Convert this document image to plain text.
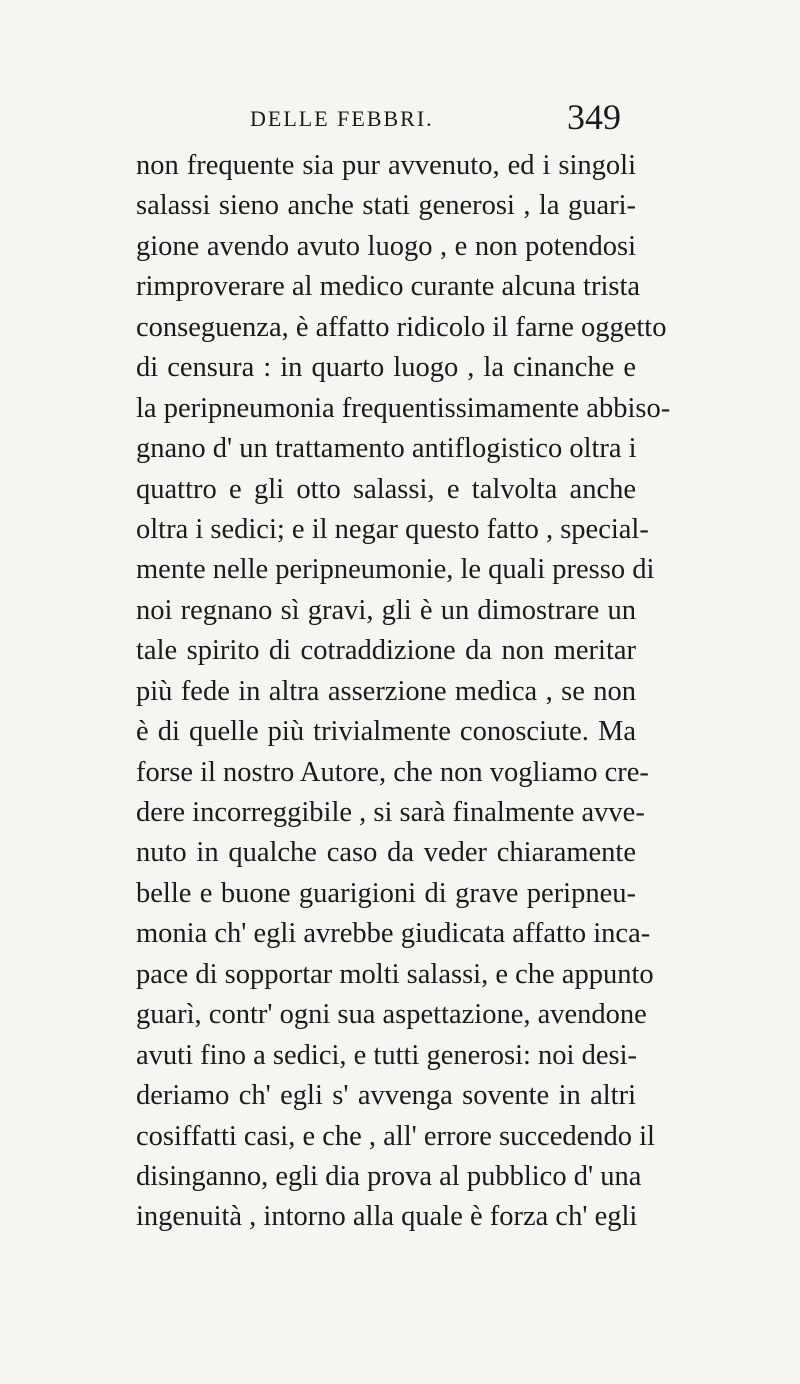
DELLE FEBBRI.	349
non frequente sia pur avvenuto, ed i singoli
salassi sieno anche stati generosi , la guari-
gione avendo avuto luogo , e non potendosi
rimproverare al medico curante alcuna trista
conseguenza, è affatto ridicolo il farne oggetto
di censura : in quarto luogo , la cinanche e
la peripneumonia frequentissimamente abbiso-
gnano d' un trattamento antiflogistico oltra i
quattro e gli otto salassi, e talvolta anche
oltra i sedici; e il negar questo fatto , special-
mente nelle peripneumonie, le quali presso di
noi regnano sì gravi, gli è un dimostrare un
tale spirito di cotraddizione da non meritar
più fede in altra asserzione medica , se non
è di quelle più trivialmente conosciute. Ma
forse il nostro Autore, che non vogliamo cre-
dere incorreggibile , si sarà finalmente avve-
nuto in qualche caso da veder chiaramente
belle e buone guarigioni di grave peripneu-
monia ch' egli avrebbe giudicata affatto inca-
pace di sopportar molti salassi, e che appunto
guarì, contr' ogni sua aspettazione, avendone
avuti fino a sedici, e tutti generosi: noi desi-
deriamo ch' egli s' avvenga sovente in altri
cosiffatti casi, e che , all' errore succedendo il
disinganno, egli dia prova al pubblico d' una
ingenuità , intorno alla quale è forza ch' egli
